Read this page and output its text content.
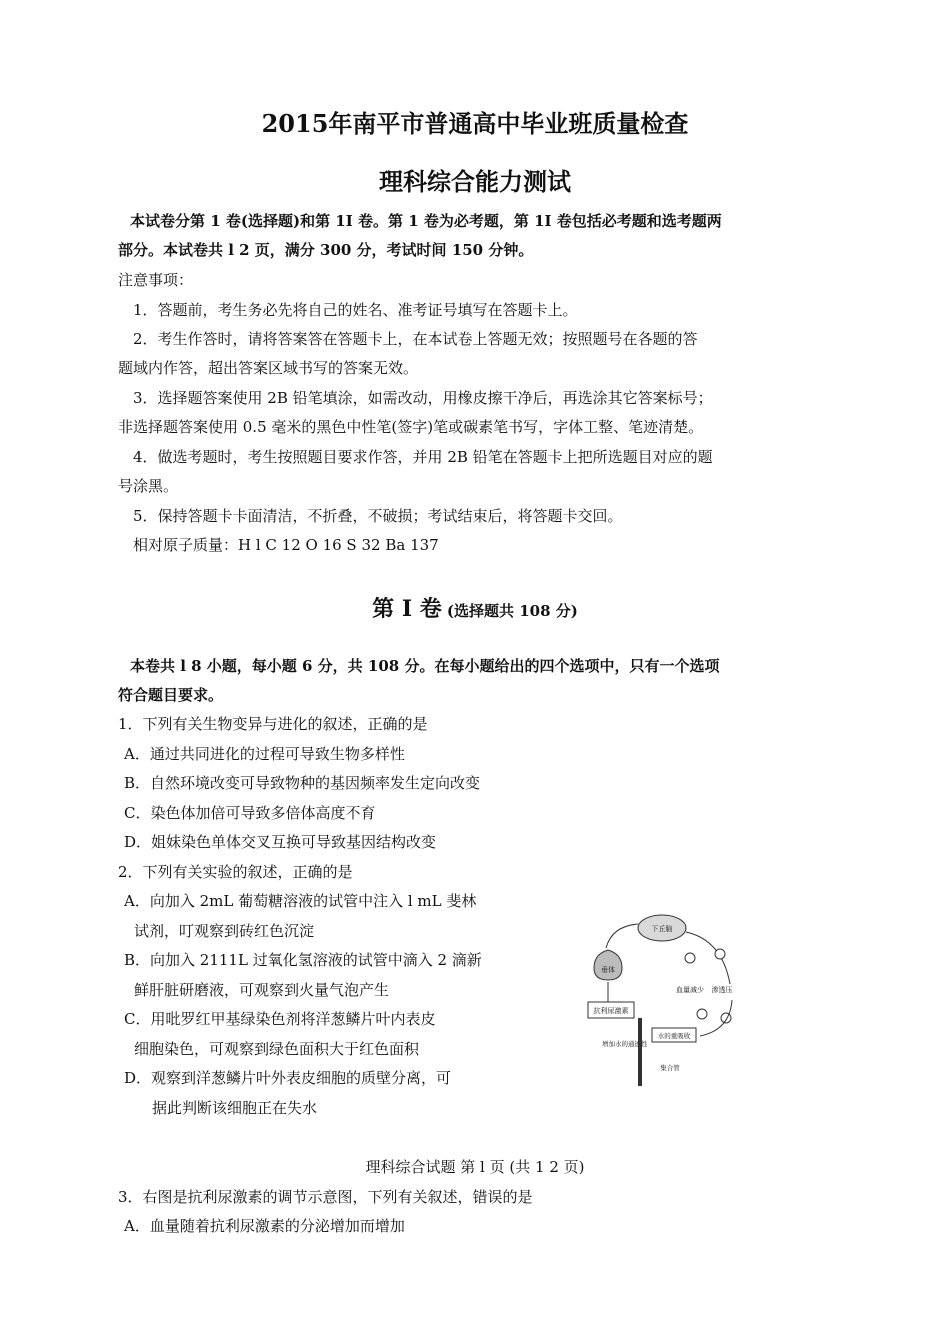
2015年南平市普通高中毕业班质量检查
理科综合能力测试
本试卷分第 1 卷(选择题)和第 1I 卷。第 1 卷为必考题，第 1I 卷包括必考题和选考题两
部分。本试卷共 l 2 页，满分 300 分，考试时间 150 分钟。
注意事项：
1．答题前，考生务必先将自己的姓名、准考证号填写在答题卡上。
2．考生作答时，请将答案答在答题卡上，在本试卷上答题无效；按照题号在各题的答
题域内作答，超出答案区域书写的答案无效。
3．选择题答案使用 2B 铅笔填涂，如需改动，用橡皮擦干净后，再选涂其它答案标号；
非选择题答案使用 0.5 毫米的黑色中性笔(签字)笔或碳素笔书写，字体工整、笔迹清楚。
4．做选考题时，考生按照题目要求作答，并用 2B 铅笔在答题卡上把所选题目对应的题
号涂黑。
5．保持答题卡卡面清洁，不折叠，不破损；考试结束后，将答题卡交回。
相对原子质量：H l C 12 O 16 S 32 Ba 137
第 I 卷 (选择题共 108 分)
本卷共 l 8 小题，每小题 6 分，共 108 分。在每小题给出的四个选项中，只有一个选项
符合题目要求。
1．下列有关生物变异与进化的叙述，正确的是
A．通过共同进化的过程可导致生物多样性
B．自然环境改变可导致物种的基因频率发生定向改变
C．染色体加倍可导致多倍体高度不育
D．姐妹染色单体交叉互换可导致基因结构改变
2．下列有关实验的叙述，正确的是
A．向加入 2mL 葡萄糖溶液的试管中注入 l mL 斐林
试剂，叮观察到砖红色沉淀
B．向加入 2111L 过氧化氢溶液的试管中滴入 2 滴新
鲜肝脏研磨液，可观察到火量气泡产生
C．用吡罗红甲基绿染色剂将洋葱鳞片叶内表皮
细胞染色，可观察到绿色面积大于红色面积
D．观察到洋葱鳞片叶外表皮细胞的质壁分离，可
据此判断该细胞正在失水
下丘脑
垂体
抗利尿激素
血量减少 渗透压
水的重吸收
增加水的通透性
集合管
理科综合试题 第 l 页 (共 1 2 页)
3．右图是抗利尿激素的调节示意图，下列有关叙述，错误的是
A．血量随着抗利尿激素的分泌增加而增加
